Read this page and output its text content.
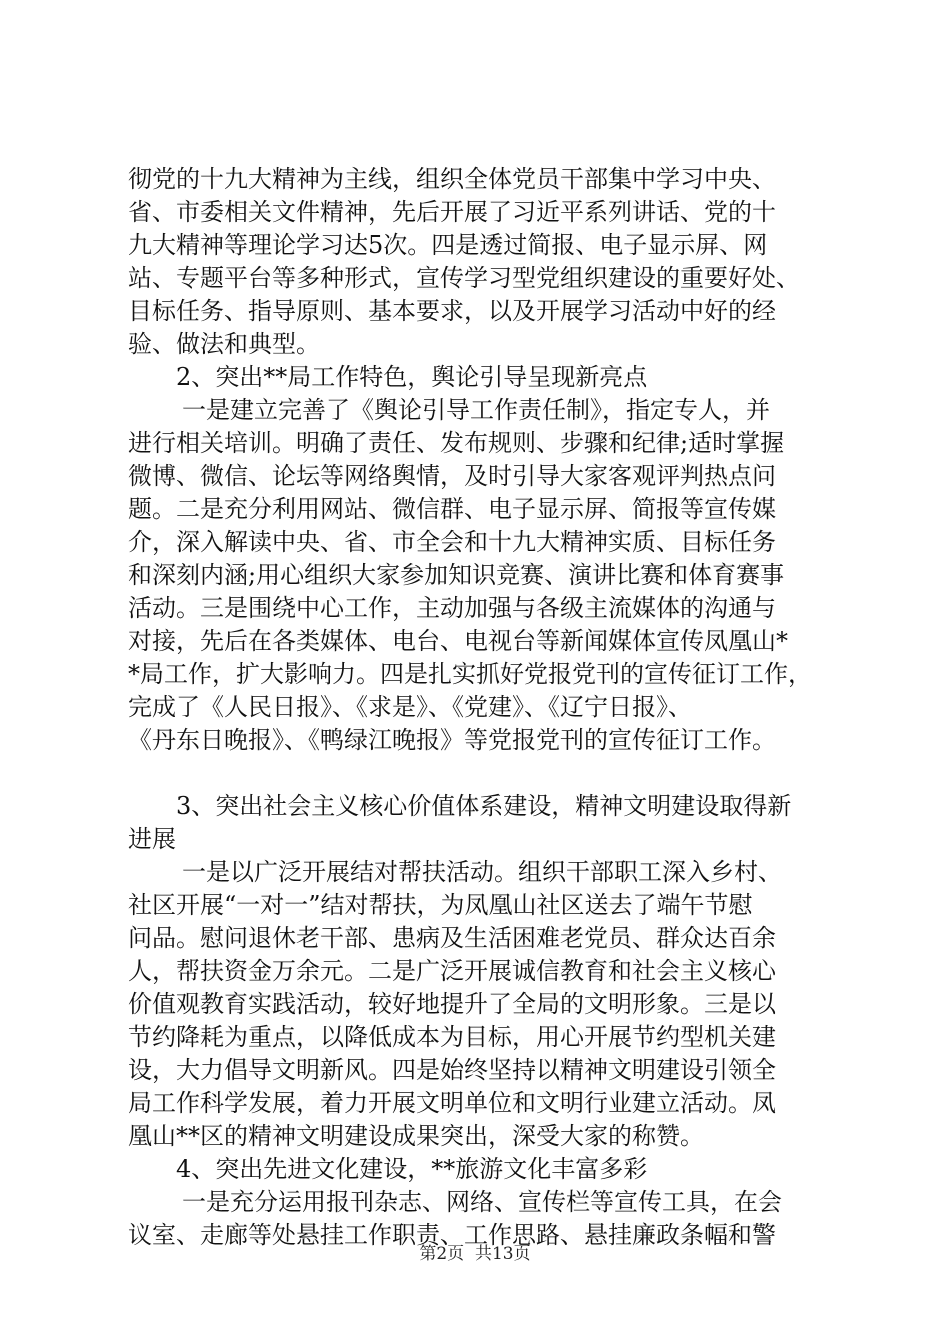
彻党的十九大精神为主线，组织全体党员干部集中学习中央、
省、市委相关文件精神，先后开展了习近平系列讲话、党的十
九大精神等理论学习达5次。四是透过简报、电子显示屏、网
站、专题平台等多种形式，宣传学习型党组织建设的重要好处、
目标任务、指导原则、基本要求，以及开展学习活动中好的经
验、做法和典型。
2、突出**局工作特色，舆论引导呈现新亮点
一是建立完善了《舆论引导工作责任制》，指定专人，并
进行相关培训。明确了责任、发布规则、步骤和纪律;适时掌握
微博、微信、论坛等网络舆情，及时引导大家客观评判热点问
题。二是充分利用网站、微信群、电子显示屏、简报等宣传媒
介，深入解读中央、省、市全会和十九大精神实质、目标任务
和深刻内涵;用心组织大家参加知识竞赛、演讲比赛和体育赛事
活动。三是围绕中心工作，主动加强与各级主流媒体的沟通与
对接，先后在各类媒体、电台、电视台等新闻媒体宣传凤凰山*
*局工作，扩大影响力。四是扎实抓好党报党刊的宣传征订工作，
完成了《人民日报》、《求是》、《党建》、《辽宁日报》、
《丹东日晚报》、《鸭绿江晚报》等党报党刊的宣传征订工作。
3、突出社会主义核心价值体系建设，精神文明建设取得新
进展
一是以广泛开展结对帮扶活动。组织干部职工深入乡村、
社区开展“一对一”结对帮扶，为凤凰山社区送去了端午节慰
问品。慰问退休老干部、患病及生活困难老党员、群众达百余
人，帮扶资金万余元。二是广泛开展诚信教育和社会主义核心
价值观教育实践活动，较好地提升了全局的文明形象。三是以
节约降耗为重点，以降低成本为目标，用心开展节约型机关建
设，大力倡导文明新风。四是始终坚持以精神文明建设引领全
局工作科学发展，着力开展文明单位和文明行业建立活动。凤
凰山**区的精神文明建设成果突出，深受大家的称赞。
4、突出先进文化建设，**旅游文化丰富多彩
一是充分运用报刊杂志、网络、宣传栏等宣传工具，在会
议室、走廊等处悬挂工作职责、工作思路、悬挂廉政条幅和警
第2页  共13页
